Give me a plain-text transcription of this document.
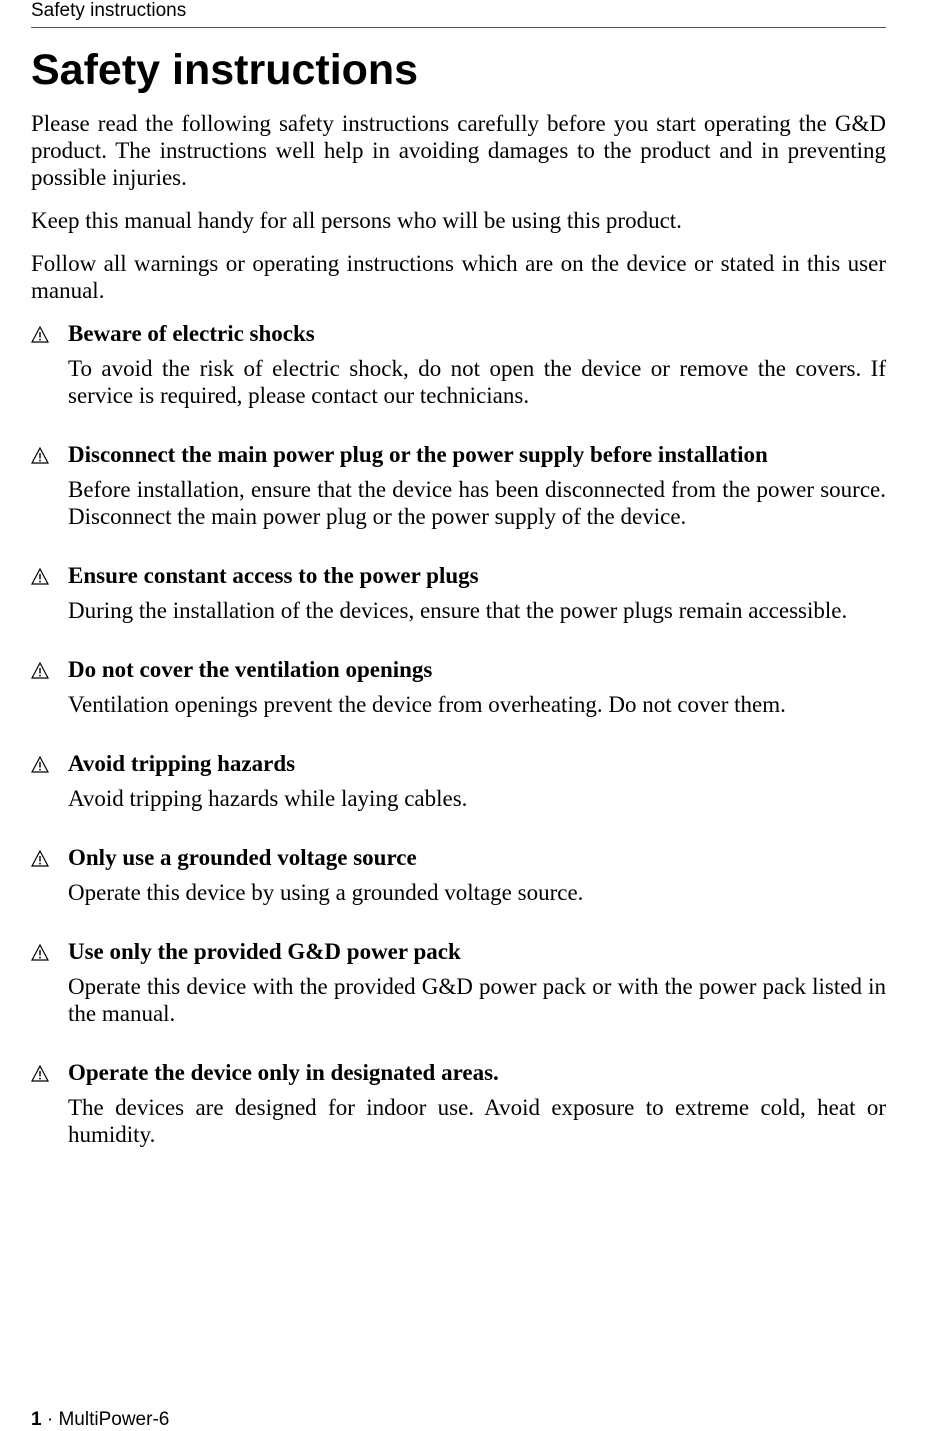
Safety instructions
Safety instructions

Please read the following safety instructions carefully before you start operating the G&D product. The instructions well help in avoiding damages to the product and in preventing possible injuries.

Keep this manual handy for all persons who will be using this product.

Follow all warnings or operating instructions which are on the device or stated in this user manual.

Beware of electric shocks

To avoid the risk of electric shock, do not open the device or remove the covers. If service is required, please contact our technicians.

Disconnect the main power plug or the power supply before installation

Before installation, ensure that the device has been disconnected from the power source. Disconnect the main power plug or the power supply of the device.

Ensure constant access to the power plugs

During the installation of the devices, ensure that the power plugs remain accessible.

Do not cover the ventilation openings

Ventilation openings prevent the device from overheating. Do not cover them.

Avoid tripping hazards

Avoid tripping hazards while laying cables.

Only use a grounded voltage source

Operate this device by using a grounded voltage source.

Use only the provided G&D power pack

Operate this device with the provided G&D power pack or with the power pack listed in the manual.

Operate the device only in designated areas.

The devices are designed for indoor use. Avoid exposure to extreme cold, heat or humidity.

1 · MultiPower-6
